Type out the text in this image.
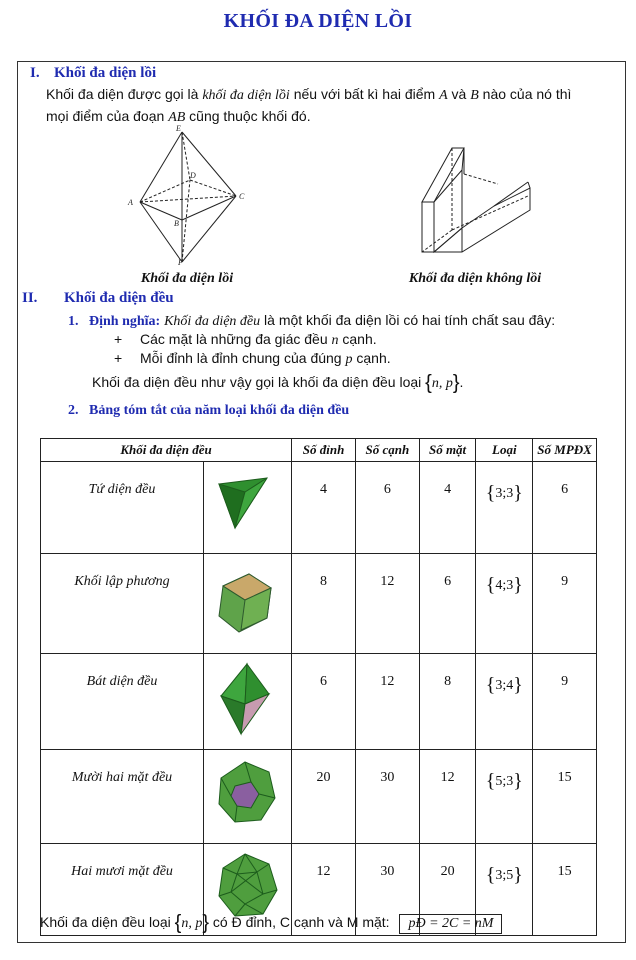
KHỐI ĐA DIỆN LỒI
I. Khối đa diện lồi
Khối đa diện được gọi là khối đa diện lồi nếu với bất kì hai điểm A và B nào của nó thì
mọi điểm của đoạn AB cũng thuộc khối đó.
E
D
A
B
C
F
Khối đa diện lồi	Khối đa diện không lồi
II. Khối đa diện đều
1. Định nghĩa: Khối đa diện đều là một khối đa diện lồi có hai tính chất sau đây:
+ Các mặt là những đa giác đều n cạnh.
+ Mỗi đỉnh là đỉnh chung của đúng p cạnh.
Khối đa diện đều như vậy gọi là khối đa diện đều loại {n, p}.
2. Bảng tóm tắt của năm loại khối đa diện đều
Khối đa diện đều		Số đỉnh	Số cạnh	Số mặt	Loại	Số MPĐX

Tứ diện đều		4	6	4	{3;3}	6

Khối lập phương		8	12	6	{4;3}	9

Bát diện đều		6	12	8	{3;4}	9

Mười hai mặt đều		20	30	12	{5;3}	15

Hai mươi mặt đều		12	30	20	{3;5}	15
Khối đa diện đều loại {n, p} có Đ đỉnh, C cạnh và M mặt: pĐ = 2C = nM
